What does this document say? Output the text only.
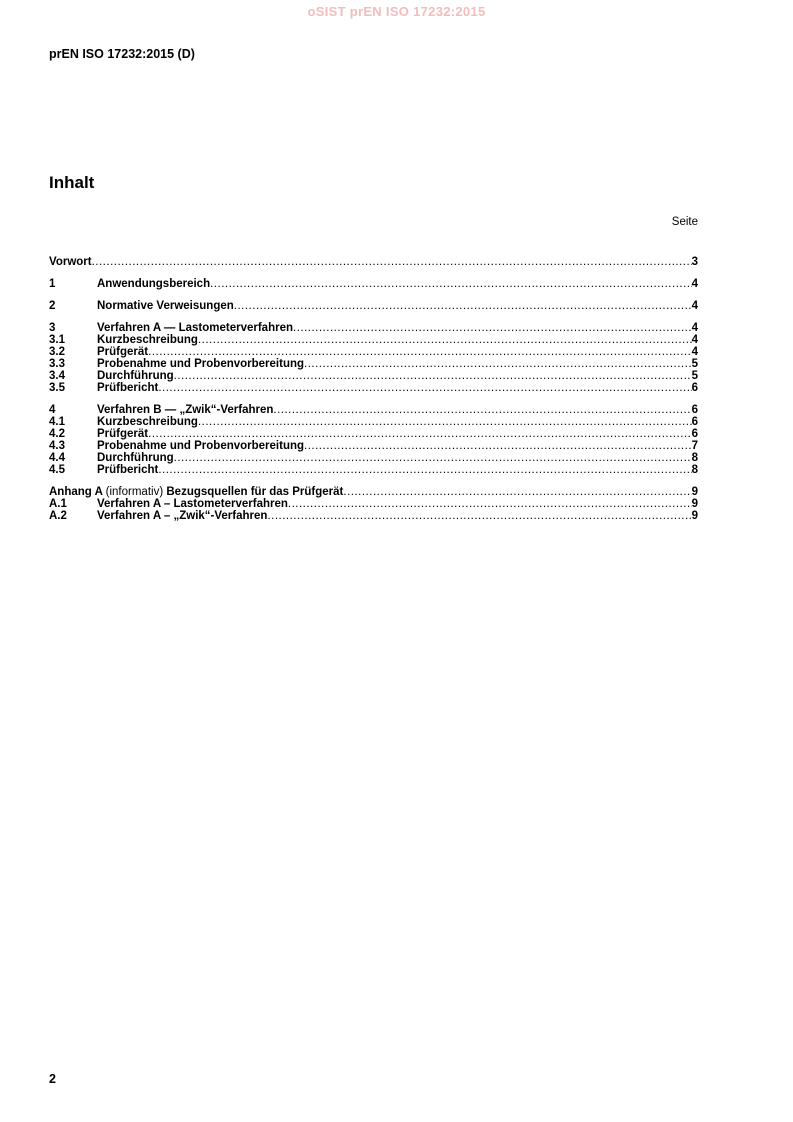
oSIST prEN ISO 17232:2015
prEN ISO 17232:2015 (D)
Inhalt
Seite
Vorwort .....	3
1	Anwendungsbereich .....	4
2	Normative Verweisungen .....	4
3	Verfahren A — Lastometerverfahren .....	4
3.1	Kurzbeschreibung .....	4
3.2	Prüfgerät .....	4
3.3	Probenahme und Probenvorbereitung .....	5
3.4	Durchführung .....	5
3.5	Prüfbericht .....	6
4	Verfahren B — „Zwik“-Verfahren .....	6
4.1	Kurzbeschreibung .....	6
4.2	Prüfgerät .....	6
4.3	Probenahme und Probenvorbereitung .....	7
4.4	Durchführung .....	8
4.5	Prüfbericht .....	8
Anhang A (informativ) Bezugsquellen für das Prüfgerät .....	9
A.1	Verfahren A – Lastometerverfahren .....	9
A.2	Verfahren A – „Zwik“-Verfahren .....	9
2
